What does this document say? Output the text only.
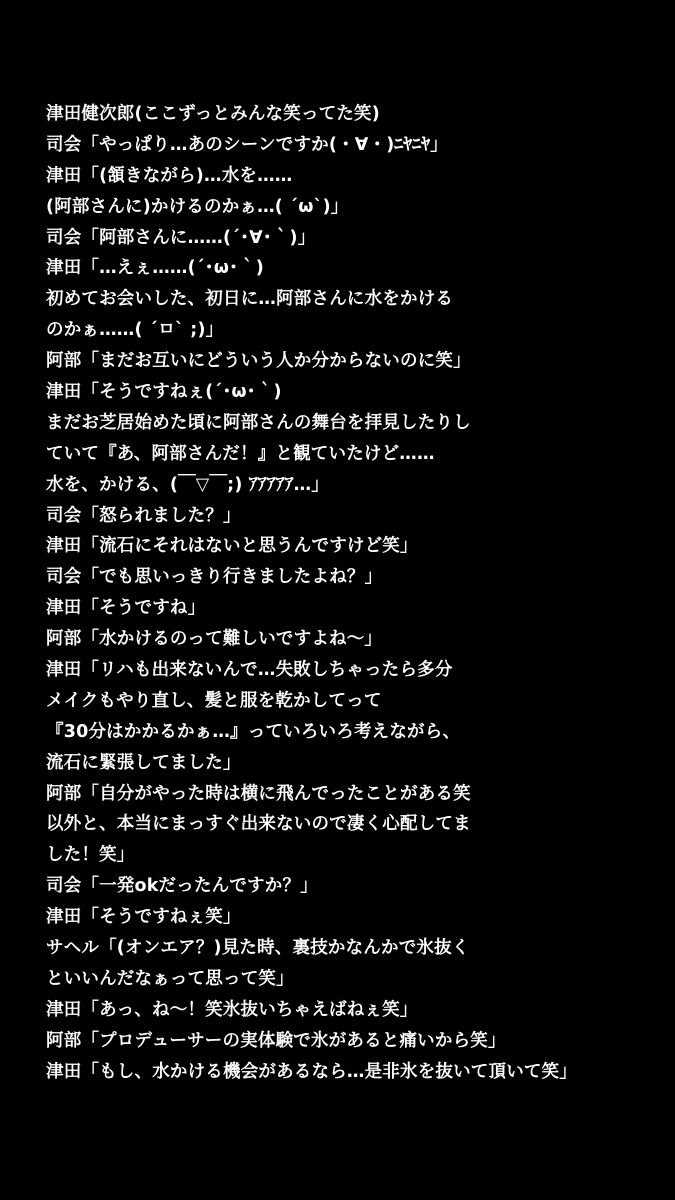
津田健次郎(ここずっとみんな笑ってた笑)
司会「やっぱり…あのシーンですか(・∀・)ﾆﾔﾆﾔ」
津田「(頷きながら)…水を……
(阿部さんに)かけるのかぁ…( ´ω`)」
司会「阿部さんに……(´･∀･｀)」
津田「…えぇ……(´･ω･｀)
初めてお会いした、初日に…阿部さんに水をかける
のかぁ……( ´ㅁ` ;)」
阿部「まだお互いにどういう人か分からないのに笑」
津田「そうですねぇ(´･ω･｀)
まだお芝居始めた頃に阿部さんの舞台を拝見したりし
ていて『あ、阿部さんだ！』と観ていたけど……
水を、かける、(￣▽￣;) ｱｱｱｱｱ…」
司会「怒られました？」
津田「流石にそれはないと思うんですけど笑」
司会「でも思いっきり行きましたよね？」
津田「そうですね」
阿部「水かけるのって難しいですよね〜」
津田「リハも出来ないんで…失敗しちゃったら多分
メイクもやり直し、髪と服を乾かしてって
『30分はかかるかぁ…』っていろいろ考えながら、
流石に緊張してました」
阿部「自分がやった時は横に飛んでったことがある笑
以外と、本当にまっすぐ出来ないので凄く心配してま
した！笑」
司会「一発okだったんですか？」
津田「そうですねぇ笑」
サヘル「(オンエア？)見た時、裏技かなんかで氷抜く
といいんだなぁって思って笑」
津田「あっ、ね〜！笑氷抜いちゃえばねぇ笑」
阿部「プロデューサーの実体験で氷があると痛いから笑」
津田「もし、水かける機会があるなら…是非氷を抜いて頂いて笑」
